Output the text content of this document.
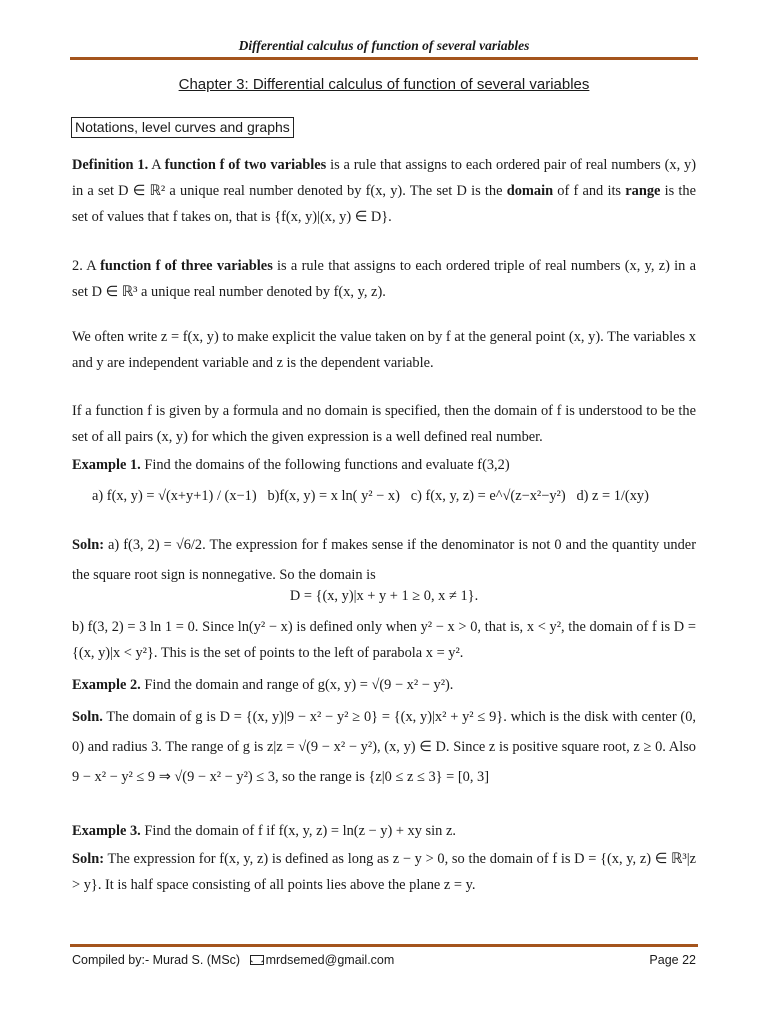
Differential calculus of function of several variables
Chapter 3: Differential calculus of function of several variables
Notations, level curves and graphs

Definition 1. A function f of two variables is a rule that assigns to each ordered pair of real numbers (x, y) in a set D ∈ ℝ² a unique real number denoted by f(x, y). The set D is the domain of f and its range is the set of values that f takes on, that is {f(x, y)|(x, y) ∈ D}.

2. A function f of three variables is a rule that assigns to each ordered triple of real numbers (x, y, z) in a set D ∈ ℝ³ a unique real number denoted by f(x, y, z).

We often write z = f(x, y) to make explicit the value taken on by f at the general point (x, y). The variables x and y are independent variable and z is the dependent variable.

If a function f is given by a formula and no domain is specified, then the domain of f is understood to be the set of all pairs (x, y) for which the given expression is a well defined real number.

Example 1. Find the domains of the following functions and evaluate f(3,2)

a) f(x, y) = √(x+y+1) / (x−1) b)f(x, y) = x ln( y² − x) c) f(x, y, z) = e^√(z−x²−y²) d) z = 1/(xy)

Soln: a) f(3, 2) = √6/2. The expression for f makes sense if the denominator is not 0 and the quantity under the square root sign is nonnegative. So the domain is

D = {(x, y)|x + y + 1 ≥ 0, x ≠ 1}.

b) f(3, 2) = 3 ln 1 = 0. Since ln(y² − x) is defined only when y² − x > 0, that is, x < y², the domain of f is D = {(x, y)|x < y²}. This is the set of points to the left of parabola x = y².

Example 2. Find the domain and range of g(x, y) = √(9 − x² − y²).

Soln. The domain of g is D = {(x, y)|9 − x² − y² ≥ 0} = {(x, y)|x² + y² ≤ 9}. which is the disk with center (0, 0) and radius 3. The range of g is z|z = √(9 − x² − y²), (x, y) ∈ D. Since z is positive square root, z ≥ 0. Also 9 − x² − y² ≤ 9 ⇒ √(9 − x² − y²) ≤ 3, so the range is {z|0 ≤ z ≤ 3} = [0, 3]

Example 3. Find the domain of f if f(x, y, z) = ln(z − y) + xy sin z.

Soln: The expression for f(x, y, z) is defined as long as z − y > 0, so the domain of f is D = {(x, y, z) ∈ ℝ³|z > y}. It is half space consisting of all points lies above the plane z = y.

Compiled by:- Murad S. (MSc) mrdsemed@gmail.com	Page 22
